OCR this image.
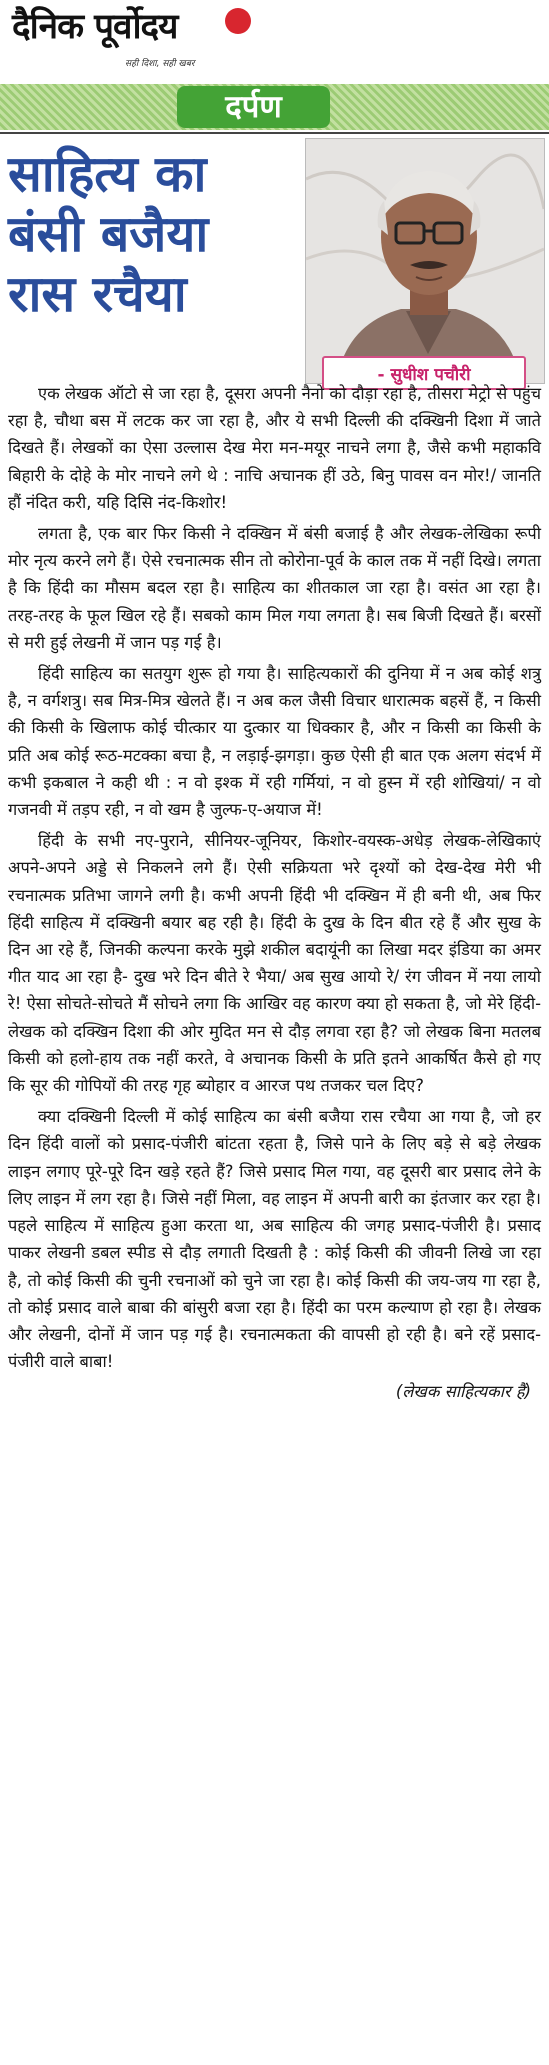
दैनिक पूर्वोदय
सही दिशा, सही खबर
दर्पण
साहित्य का
बंसी बजैया
रास रचैया
- सुधीश पचौरी

एक लेखक ऑटो से जा रहा है, दूसरा अपनी नैनो को दौड़ा रहा है, तीसरा मेट्रो से पहुंच रहा है, चौथा बस में लटक कर जा रहा है, और ये सभी दिल्ली की दक्खिनी दिशा में जाते दिखते हैं। लेखकों का ऐसा उल्लास देख मेरा मन-मयूर नाचने लगा है, जैसे कभी महाकवि बिहारी के दोहे के मोर नाचने लगे थे : नाचि अचानक हीं उठे, बिनु पावस वन मोर!/ जानति हौं नंदित करी, यहि दिसि नंद-किशोर!

लगता है, एक बार फिर किसी ने दक्खिन में बंसी बजाई है और लेखक-लेखिका रूपी मोर नृत्य करने लगे हैं। ऐसे रचनात्मक सीन तो कोरोना-पूर्व के काल तक में नहीं दिखे। लगता है कि हिंदी का मौसम बदल रहा है। साहित्य का शीतकाल जा रहा है। वसंत आ रहा है। तरह-तरह के फूल खिल रहे हैं। सबको काम मिल गया लगता है। सब बिजी दिखते हैं। बरसों से मरी हुई लेखनी में जान पड़ गई है।

हिंदी साहित्य का सतयुग शुरू हो गया है। साहित्यकारों की दुनिया में न अब कोई शत्रु है, न वर्गशत्रु। सब मित्र-मित्र खेलते हैं। न अब कल जैसी विचार धारात्मक बहसें हैं, न किसी की किसी के खिलाफ कोई चीत्कार या दुत्कार या धिक्कार है, और न किसी का किसी के प्रति अब कोई रूठ-मटक्का बचा है, न लड़ाई-झगड़ा। कुछ ऐसी ही बात एक अलग संदर्भ में कभी इकबाल ने कही थी : न वो इश्क में रही गर्मियां, न वो हुस्न में रही शोखियां/ न वो गजनवी में तड़प रही, न वो खम है जुल्फ-ए-अयाज में!

हिंदी के सभी नए-पुराने, सीनियर-जूनियर, किशोर-वयस्क-अधेड़ लेखक-लेखिकाएं अपने-अपने अड्डे से निकलने लगे हैं। ऐसी सक्रियता भरे दृश्यों को देख-देख मेरी भी रचनात्मक प्रतिभा जागने लगी है। कभी अपनी हिंदी भी दक्खिन में ही बनी थी, अब फिर हिंदी साहित्य में दक्खिनी बयार बह रही है। हिंदी के दुख के दिन बीत रहे हैं और सुख के दिन आ रहे हैं, जिनकी कल्पना करके मुझे शकील बदायूंनी का लिखा मदर इंडिया का अमर गीत याद आ रहा है- दुख भरे दिन बीते रे भैया/ अब सुख आयो रे/ रंग जीवन में नया लायो रे! ऐसा सोचते-सोचते मैं सोचने लगा कि आखिर वह कारण क्या हो सकता है, जो मेरे हिंदी-लेखक को दक्खिन दिशा की ओर मुदित मन से दौड़ लगवा रहा है? जो लेखक बिना मतलब किसी को हलो-हाय तक नहीं करते, वे अचानक किसी के प्रति इतने आकर्षित कैसे हो गए कि सूर की गोपियों की तरह गृह ब्योहार व आरज पथ तजकर चल दिए?

क्या दक्खिनी दिल्ली में कोई साहित्य का बंसी बजैया रास रचैया आ गया है, जो हर दिन हिंदी वालों को प्रसाद-पंजीरी बांटता रहता है, जिसे पाने के लिए बड़े से बड़े लेखक लाइन लगाए पूरे-पूरे दिन खड़े रहते हैं? जिसे प्रसाद मिल गया, वह दूसरी बार प्रसाद लेने के लिए लाइन में लग रहा है। जिसे नहीं मिला, वह लाइन में अपनी बारी का इंतजार कर रहा है। पहले साहित्य में साहित्य हुआ करता था, अब साहित्य की जगह प्रसाद-पंजीरी है। प्रसाद पाकर लेखनी डबल स्पीड से दौड़ लगाती दिखती है : कोई किसी की जीवनी लिखे जा रहा है, तो कोई किसी की चुनी रचनाओं को चुने जा रहा है। कोई किसी की जय-जय गा रहा है, तो कोई प्रसाद वाले बाबा की बांसुरी बजा रहा है। हिंदी का परम कल्याण हो रहा है। लेखक और लेखनी, दोनों में जान पड़ गई है। रचनात्मकता की वापसी हो रही है। बने रहें प्रसाद-पंजीरी वाले बाबा!

(लेखक साहित्यकार हैं)
